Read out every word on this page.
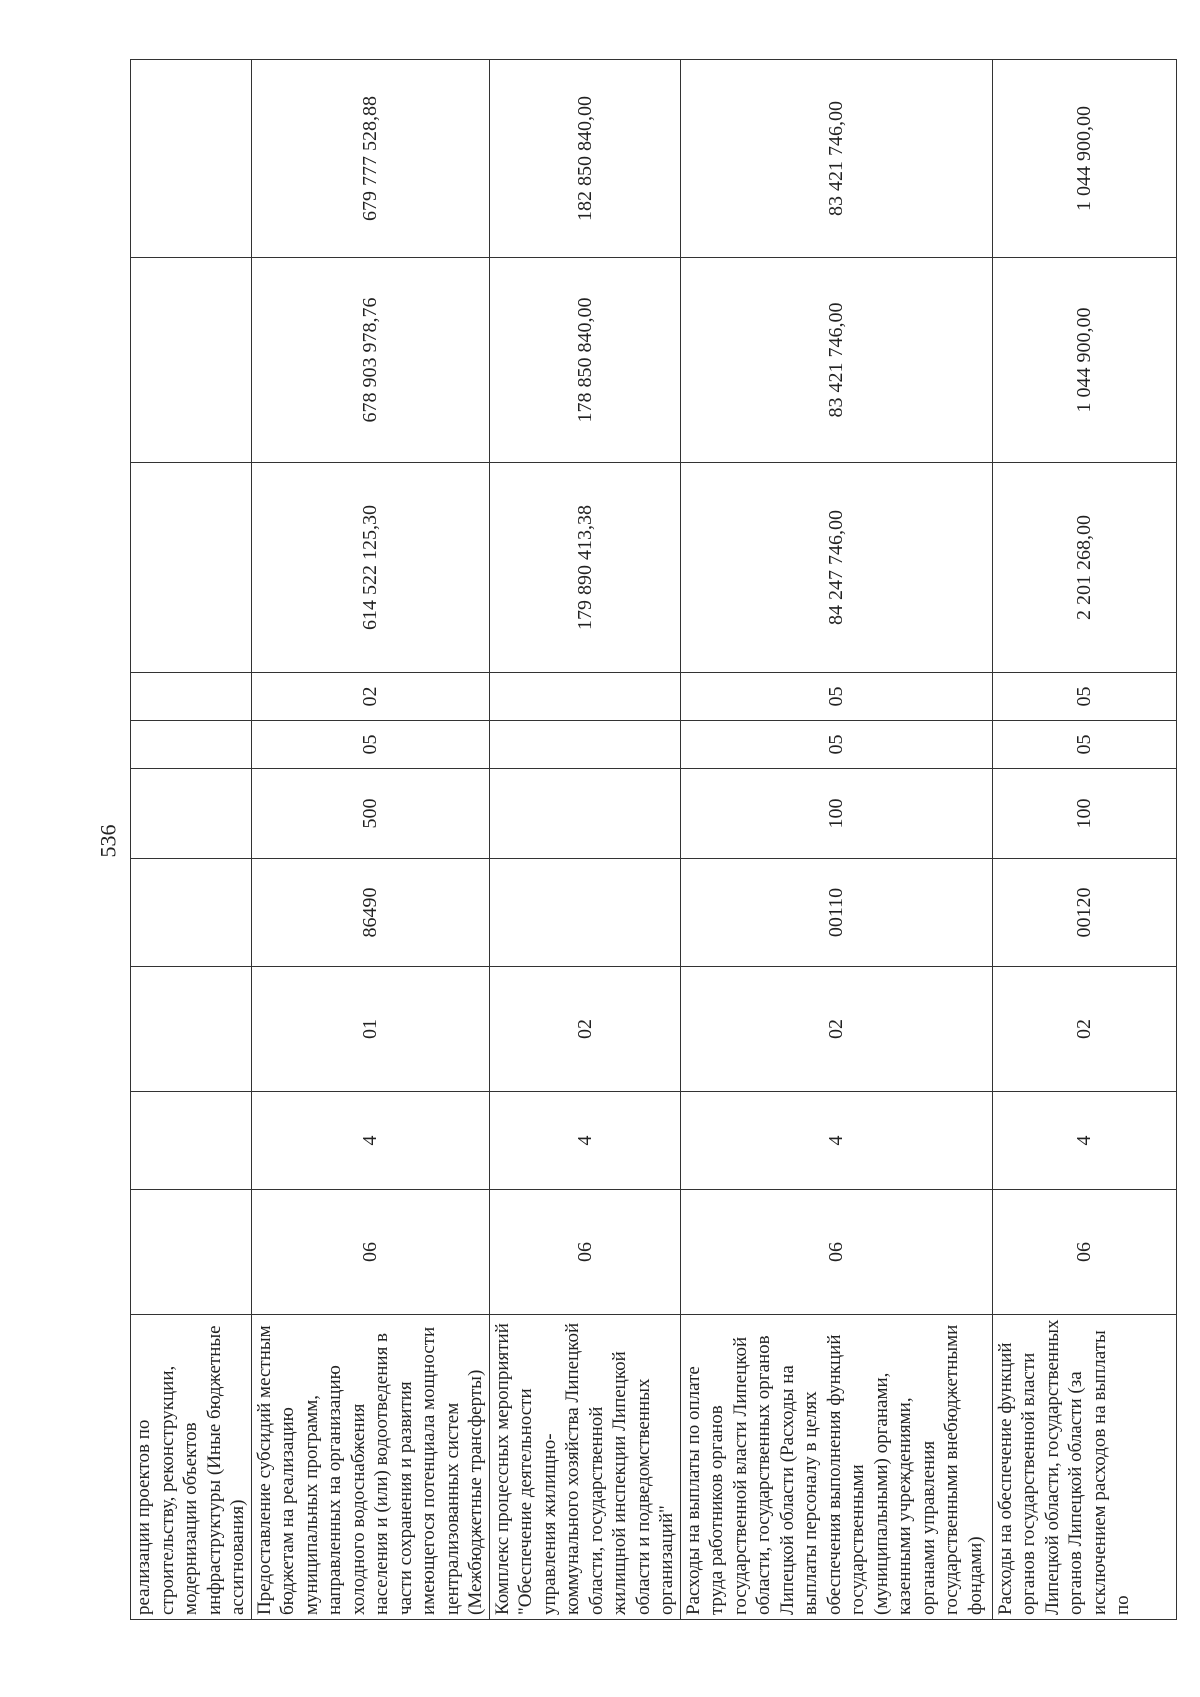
536
реализации проектов по строительству, реконструкции, модернизации объектов инфраструктуры (Иные бюджетные ассигнования)										
Предоставление субсидий местным бюджетам на реализацию муниципальных программ, направленных на организацию холодного водоснабжения населения и (или) водоотведения в части сохранения и развития имеющегося потенциала мощности централизованных систем (Межбюджетные трансферты)	06	4	01	86490	500	05	02	614 522 125,30	678 903 978,76	679 777 528,88
Комплекс процессных мероприятий "Обеспечение деятельности управления жилищно-коммунального хозяйства Липецкой области, государственной жилищной инспекции Липецкой области и подведомственных организаций"	06	4	02					179 890 413,38	178 850 840,00	182 850 840,00
Расходы на выплаты по оплате труда работников органов государственной власти Липецкой области, государственных органов Липецкой области (Расходы на выплаты персоналу в целях обеспечения выполнения функций государственными (муниципальными) органами, казенными учреждениями, органами управления государственными внебюджетными фондами)	06	4	02	00110	100	05	05	84 247 746,00	83 421 746,00	83 421 746,00
Расходы на обеспечение функций органов государственной власти Липецкой области, государственных органов Липецкой области (за исключением расходов на выплаты по	06	4	02	00120	100	05	05	2 201 268,00	1 044 900,00	1 044 900,00
